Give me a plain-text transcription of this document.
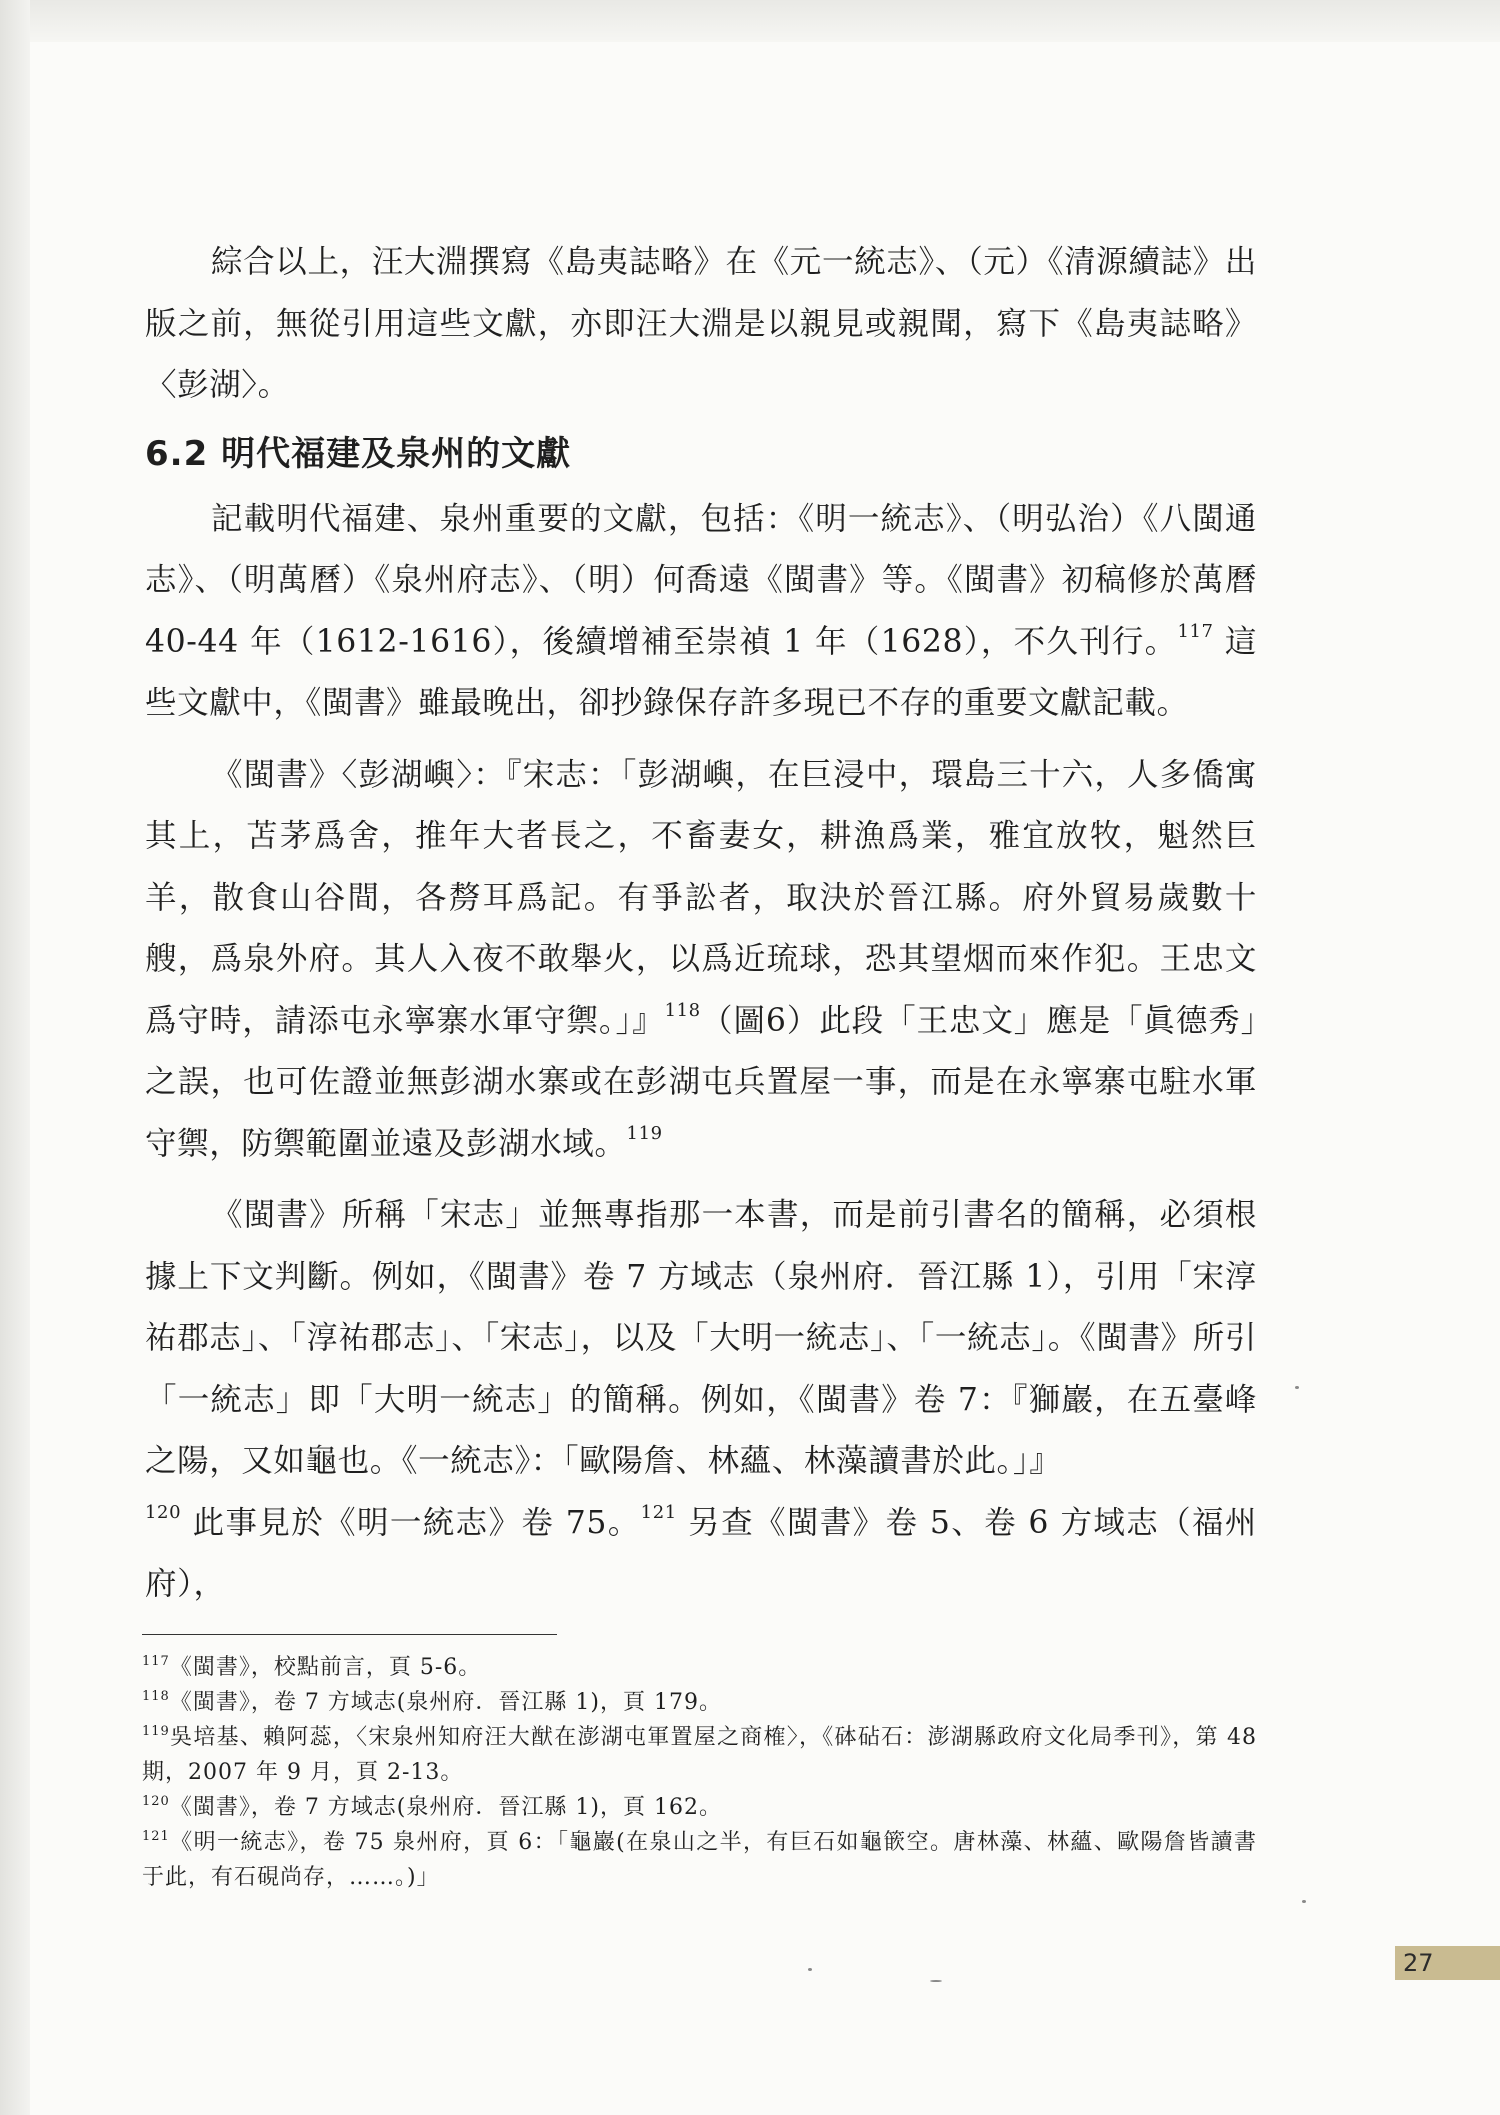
綜合以上，汪大淵撰寫《島夷誌略》在《元一統志》、（元）《清源續誌》出版之前，無從引用這些文獻，亦即汪大淵是以親見或親聞，寫下《島夷誌略》〈彭湖〉。

6.2 明代福建及泉州的文獻

記載明代福建、泉州重要的文獻，包括：《明一統志》、（明弘治）《八閩通志》、（明萬曆）《泉州府志》、（明）何喬遠《閩書》等。《閩書》初稿修於萬曆 40-44 年（1612-1616），後續增補至崇禎 1 年（1628），不久刊行。$^{117}$ 這些文獻中，《閩書》雖最晚出，卻抄錄保存許多現已不存的重要文獻記載。

《閩書》〈彭湖嶼〉：『宋志：「彭湖嶼，在巨浸中，環島三十六，人多僑寓其上，苫茅爲舍，推年大者長之，不畜妻女，耕漁爲業，雅宜放牧，魁然巨羊，散食山谷間，各剺耳爲記。有爭訟者，取決於晉江縣。府外貿易歲數十艘，爲泉外府。其人入夜不敢舉火，以爲近琉球，恐其望烟而來作犯。王忠文爲守時，請添屯永寧寨水軍守禦。」』$^{118}$（圖6）此段「王忠文」應是「眞德秀」之誤，也可佐證並無彭湖水寨或在彭湖屯兵置屋一事，而是在永寧寨屯駐水軍守禦，防禦範圍並遠及彭湖水域。$^{119}$

《閩書》所稱「宋志」並無專指那一本書，而是前引書名的簡稱，必須根據上下文判斷。例如，《閩書》卷 7 方域志（泉州府．晉江縣 1），引用「宋淳祐郡志」、「淳祐郡志」、「宋志」，以及「大明一統志」、「一統志」。《閩書》所引「一統志」即「大明一統志」的簡稱。例如，《閩書》卷 7：『獅巖，在五臺峰之陽，又如龜也。《一統志》：「歐陽詹、林蘊、林藻讀書於此。」』
$^{120}$ 此事見於《明一統志》卷 75。$^{121}$ 另查《閩書》卷 5、卷 6 方域志（福州府），

$^{117}$《閩書》，校點前言，頁 5-6。
$^{118}$《閩書》，卷 7 方域志(泉州府．晉江縣 1)，頁 179。
$^{119}$吳培基、賴阿蕊，〈宋泉州知府汪大猷在澎湖屯軍置屋之商榷〉，《砵砧石：澎湖縣政府文化局季刊》，第 48 期，2007 年 9 月，頁 2-13。
$^{120}$《閩書》，卷 7 方域志(泉州府．晉江縣 1)，頁 162。
$^{121}$《明一統志》，卷 75 泉州府，頁 6：「龜巖(在泉山之半，有巨石如龜篏空。唐林藻、林蘊、歐陽詹皆讀書于此，有石硯尚存，……。)」
27
